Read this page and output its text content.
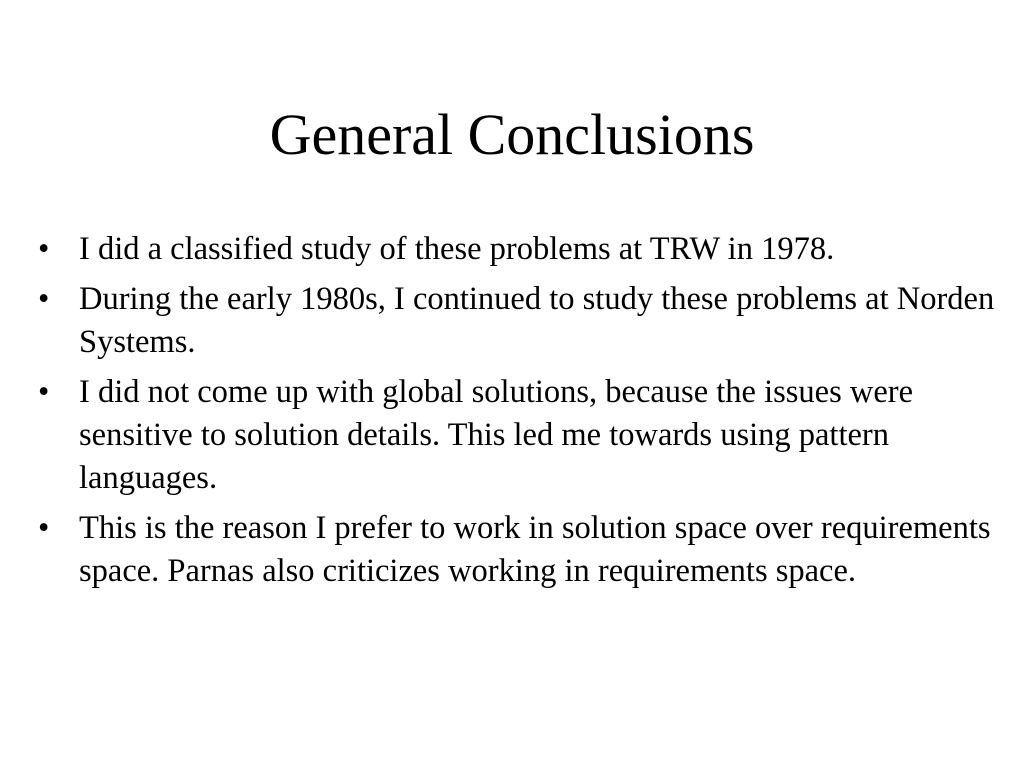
General Conclusions
• I did a classified study of these problems at TRW in 1978.
• During the early 1980s, I continued to study these problems at Norden Systems.
• I did not come up with global solutions, because the issues were sensitive to solution details. This led me towards using pattern languages.
• This is the reason I prefer to work in solution space over requirements space. Parnas also criticizes working in requirements space.
